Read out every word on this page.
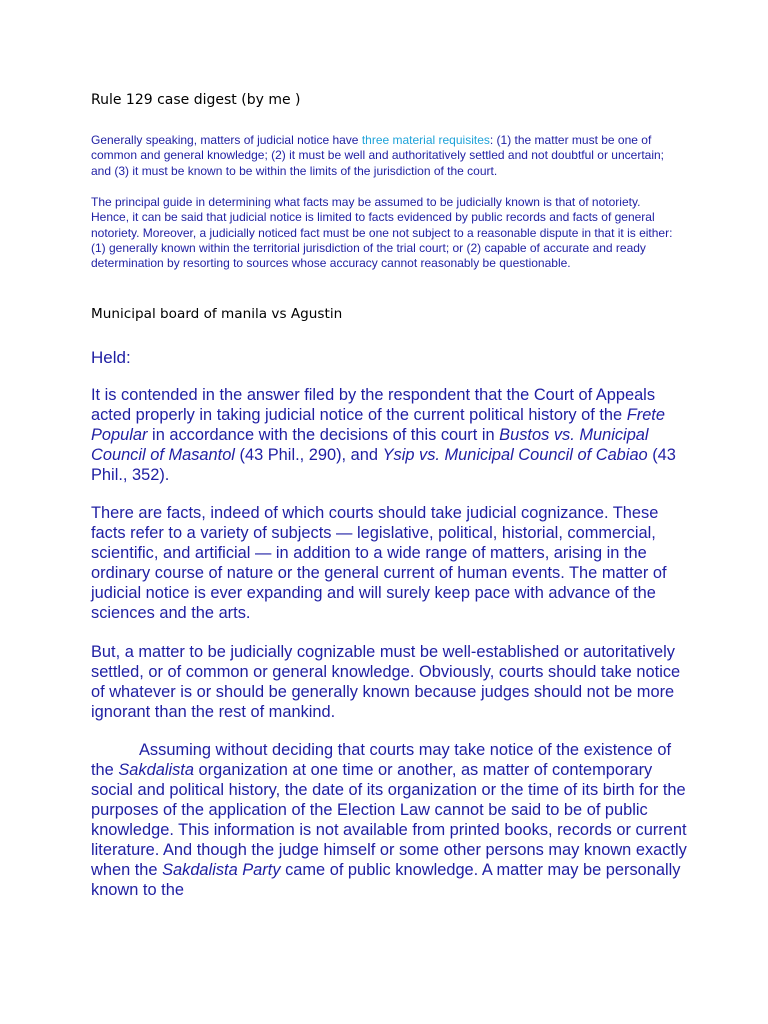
Rule 129 case digest (by me )

Generally speaking, matters of judicial notice have three material requisites: (1) the matter must be one of common and general knowledge; (2) it must be well and authoritatively settled and not doubtful or uncertain; and (3) it must be known to be within the limits of the jurisdiction of the court.

The principal guide in determining what facts may be assumed to be judicially known is that of notoriety. Hence, it can be said that judicial notice is limited to facts evidenced by public records and facts of general notoriety. Moreover, a judicially noticed fact must be one not subject to a reasonable dispute in that it is either: (1) generally known within the territorial jurisdiction of the trial court; or (2) capable of accurate and ready determination by resorting to sources whose accuracy cannot reasonably be questionable.

Municipal board of manila vs Agustin

Held:

It is contended in the answer filed by the respondent that the Court of Appeals acted properly in taking judicial notice of the current political history of the Frete Popular in accordance with the decisions of this court in Bustos vs. Municipal Council of Masantol (43 Phil., 290), and Ysip vs. Municipal Council of Cabiao (43 Phil., 352).

There are facts, indeed of which courts should take judicial cognizance. These facts refer to a variety of subjects — legislative, political, historial, commercial, scientific, and artificial — in addition to a wide range of matters, arising in the ordinary course of nature or the general current of human events. The matter of judicial notice is ever expanding and will surely keep pace with advance of the sciences and the arts.

But, a matter to be judicially cognizable must be well-established or autoritatively settled, or of common or general knowledge. Obviously, courts should take notice of whatever is or should be generally known because judges should not be more ignorant than the rest of mankind.

Assuming without deciding that courts may take notice of the existence of the Sakdalista organization at one time or another, as matter of contemporary social and political history, the date of its organization or the time of its birth for the purposes of the application of the Election Law cannot be said to be of public knowledge. This information is not available from printed books, records or current literature. And though the judge himself or some other persons may known exactly when the Sakdalista Party came of public knowledge. A matter may be personally known to the
